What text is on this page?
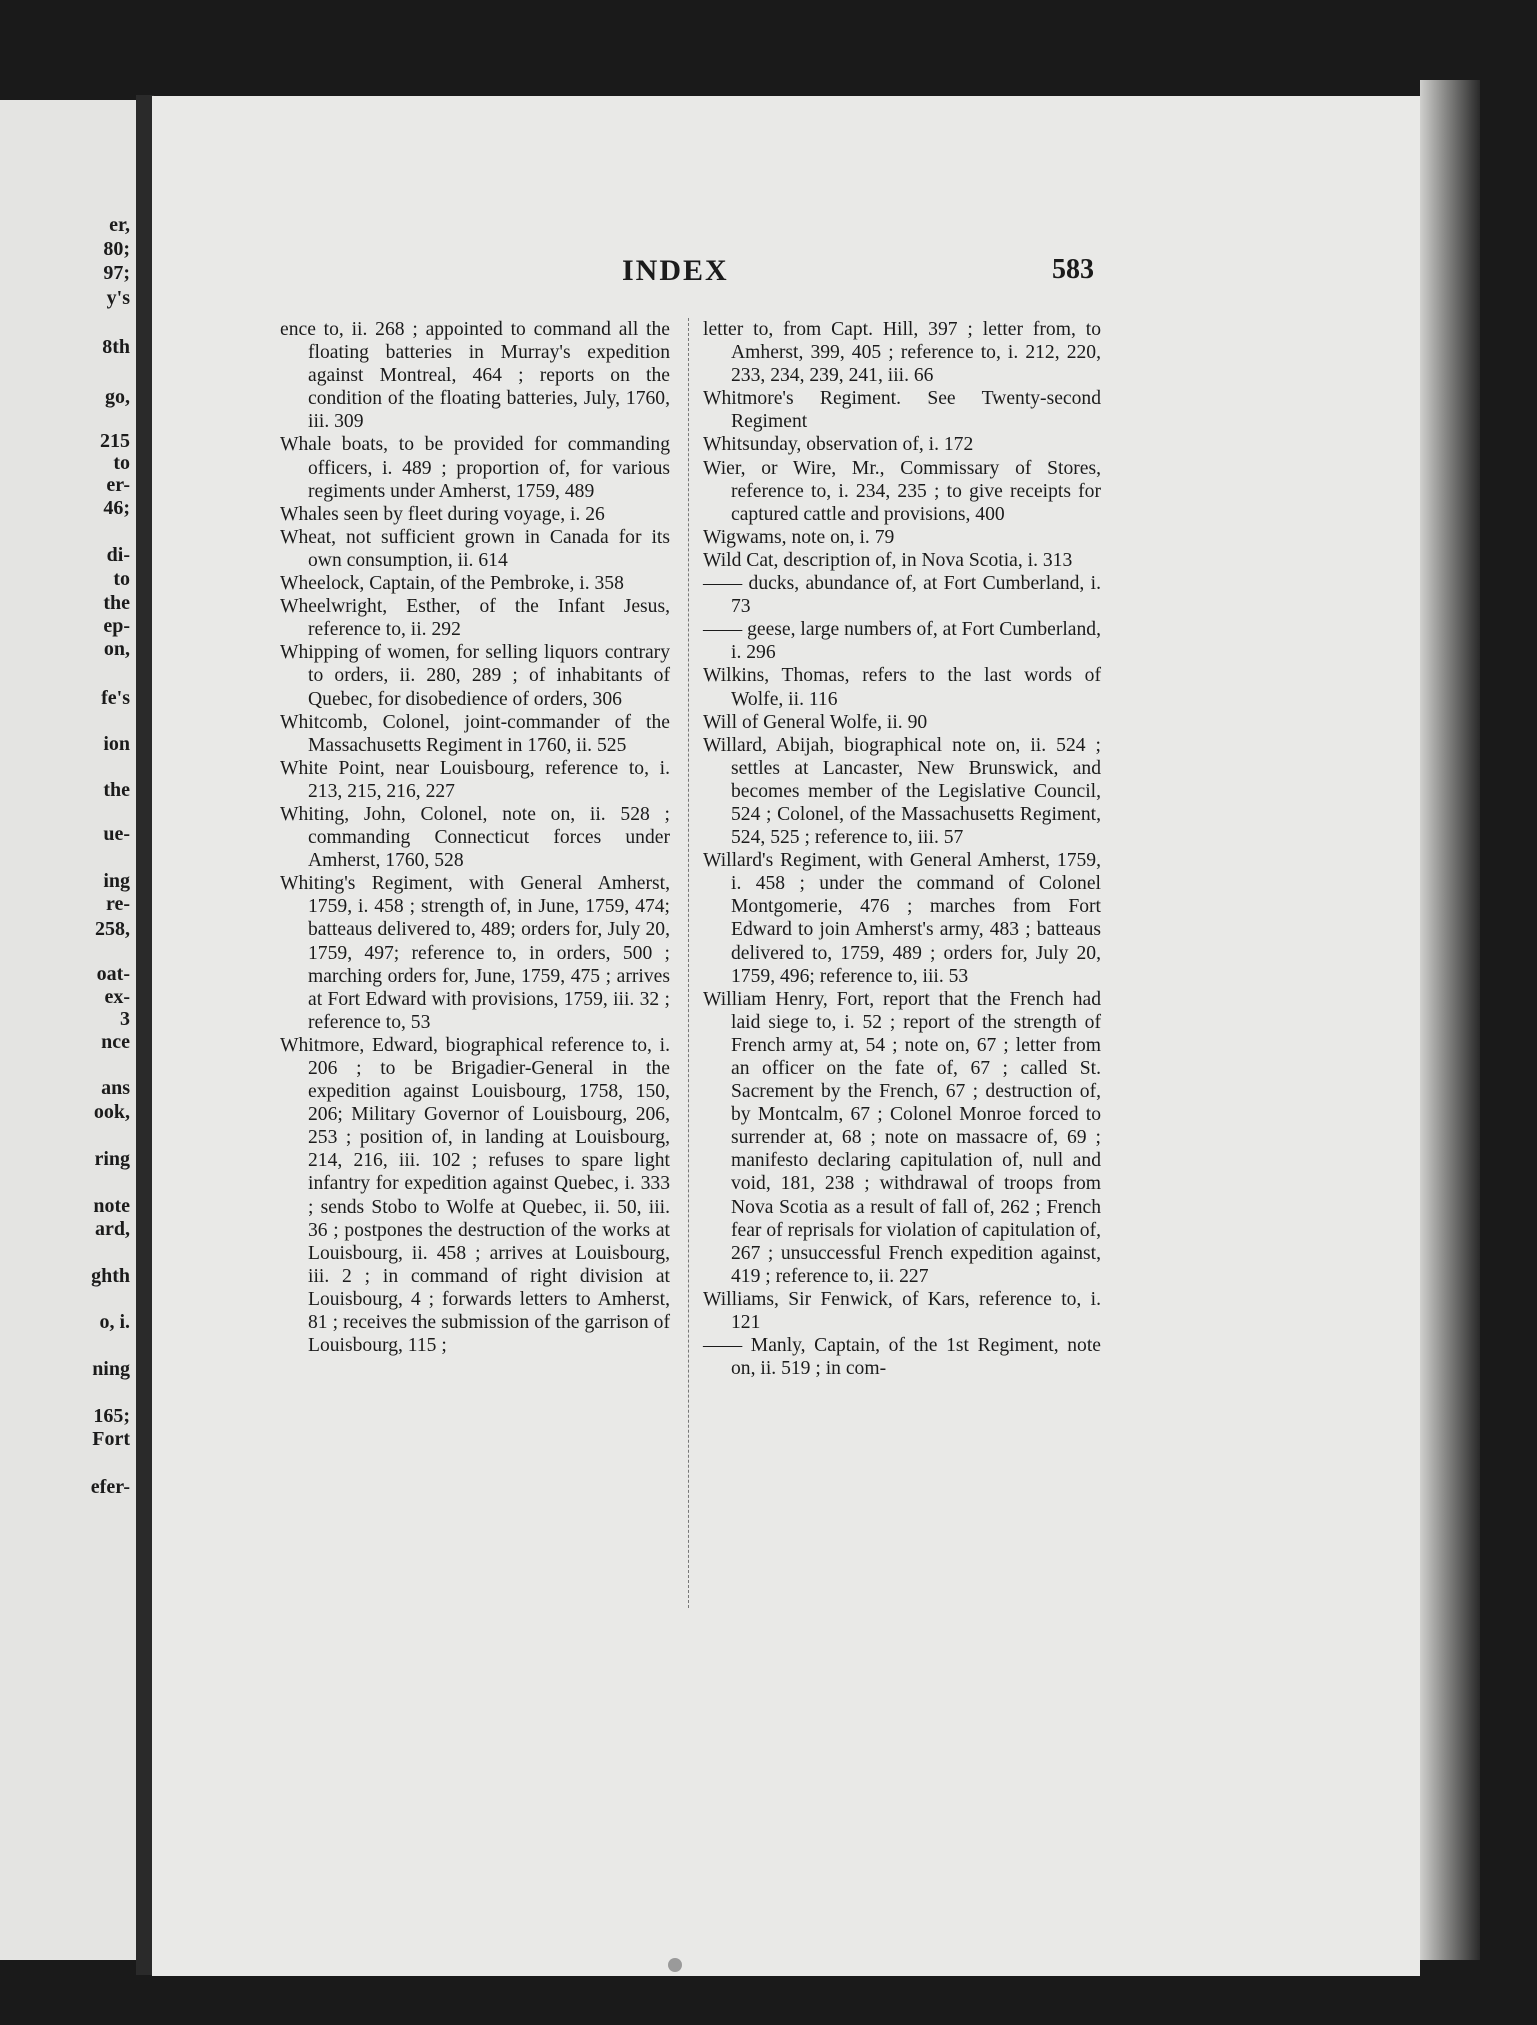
er,
80;
97;
y's
8th
go,
215
to
er-
46;
di-
to
the
ep-
on,
fe's
ion
the
ue-
ing
re-
258,
oat-
ex-
3
nce
ans
ook,
ring
note
ard,
ghth
o, i.
ning
165;
Fort
efer-
INDEX	583

ence to, ii. 268 ; appointed to command all the floating batteries in Murray's expedition against Montreal, 464 ; reports on the condition of the floating batteries, July, 1760, iii. 309

Whale boats, to be provided for commanding officers, i. 489 ; proportion of, for various regiments under Amherst, 1759, 489

Whales seen by fleet during voyage, i. 26

Wheat, not sufficient grown in Canada for its own consumption, ii. 614

Wheelock, Captain, of the Pembroke, i. 358

Wheelwright, Esther, of the Infant Jesus, reference to, ii. 292

Whipping of women, for selling liquors contrary to orders, ii. 280, 289 ; of inhabitants of Quebec, for disobedience of orders, 306

Whitcomb, Colonel, joint-commander of the Massachusetts Regiment in 1760, ii. 525

White Point, near Louisbourg, reference to, i. 213, 215, 216, 227

Whiting, John, Colonel, note on, ii. 528 ; commanding Connecticut forces under Amherst, 1760, 528

Whiting's Regiment, with General Amherst, 1759, i. 458 ; strength of, in June, 1759, 474; batteaus delivered to, 489; orders for, July 20, 1759, 497; reference to, in orders, 500 ; marching orders for, June, 1759, 475 ; arrives at Fort Edward with provisions, 1759, iii. 32 ; reference to, 53

Whitmore, Edward, biographical reference to, i. 206 ; to be Brigadier-General in the expedition against Louisbourg, 1758, 150, 206; Military Governor of Louisbourg, 206, 253 ; position of, in landing at Louisbourg, 214, 216, iii. 102 ; refuses to spare light infantry for expedition against Quebec, i. 333 ; sends Stobo to Wolfe at Quebec, ii. 50, iii. 36 ; postpones the destruction of the works at Louisbourg, ii. 458 ; arrives at Louisbourg, iii. 2 ; in command of right division at Louisbourg, 4 ; forwards letters to Amherst, 81 ; receives the submission of the garrison of Louisbourg, 115 ;

letter to, from Capt. Hill, 397 ; letter from, to Amherst, 399, 405 ; reference to, i. 212, 220, 233, 234, 239, 241, iii. 66

Whitmore's Regiment. See Twenty-second Regiment

Whitsunday, observation of, i. 172

Wier, or Wire, Mr., Commissary of Stores, reference to, i. 234, 235 ; to give receipts for captured cattle and provisions, 400

Wigwams, note on, i. 79

Wild Cat, description of, in Nova Scotia, i. 313

—— ducks, abundance of, at Fort Cumberland, i. 73

—— geese, large numbers of, at Fort Cumberland, i. 296

Wilkins, Thomas, refers to the last words of Wolfe, ii. 116

Will of General Wolfe, ii. 90

Willard, Abijah, biographical note on, ii. 524 ; settles at Lancaster, New Brunswick, and becomes member of the Legislative Council, 524 ; Colonel, of the Massachusetts Regiment, 524, 525 ; reference to, iii. 57

Willard's Regiment, with General Amherst, 1759, i. 458 ; under the command of Colonel Montgomerie, 476 ; marches from Fort Edward to join Amherst's army, 483 ; batteaus delivered to, 1759, 489 ; orders for, July 20, 1759, 496; reference to, iii. 53

William Henry, Fort, report that the French had laid siege to, i. 52 ; report of the strength of French army at, 54 ; note on, 67 ; letter from an officer on the fate of, 67 ; called St. Sacrement by the French, 67 ; destruction of, by Montcalm, 67 ; Colonel Monroe forced to surrender at, 68 ; note on massacre of, 69 ; manifesto declaring capitulation of, null and void, 181, 238 ; withdrawal of troops from Nova Scotia as a result of fall of, 262 ; French fear of reprisals for violation of capitulation of, 267 ; unsuccessful French expedition against, 419 ; reference to, ii. 227

Williams, Sir Fenwick, of Kars, reference to, i. 121

—— Manly, Captain, of the 1st Regiment, note on, ii. 519 ; in com-
